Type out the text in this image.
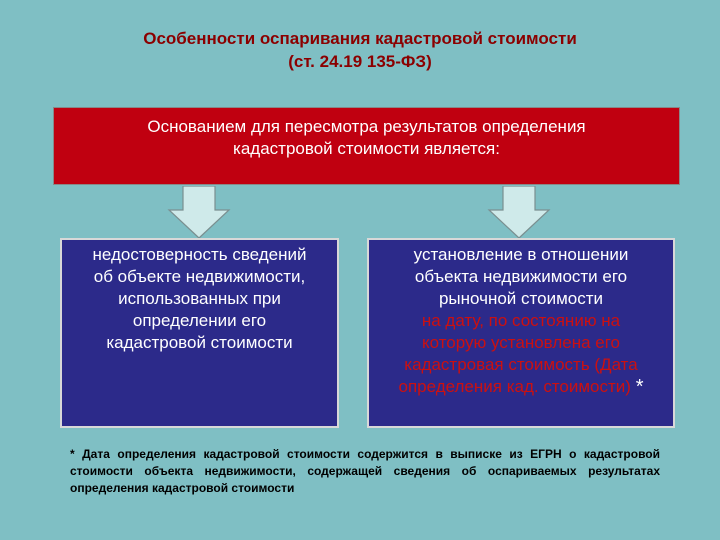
Особенности оспаривания кадастровой стоимости
(ст. 24.19 135-ФЗ)
Основанием для пересмотра результатов определения
кадастровой стоимости является:
недостоверность сведений
об объекте недвижимости,
использованных при
определении его
кадастровой стоимости
установление в отношении
объекта недвижимости его
рыночной стоимости
на дату, по состоянию на
которую установлена его
кадастровая стоимость (Дата
определения кад. стоимости) *

* Дата определения кадастровой стоимости содержится в выписке из ЕГРН о кадастровой стоимости объекта недвижимости, содержащей сведения об оспариваемых результатах определения кадастровой стоимости
